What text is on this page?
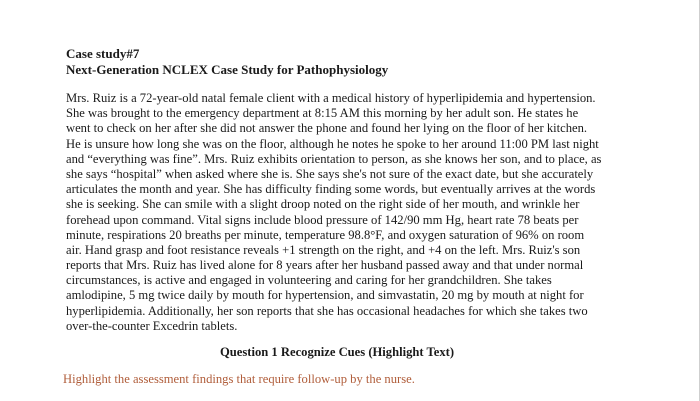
Case study#7
Next-Generation NCLEX Case Study for Pathophysiology
Mrs. Ruiz is a 72-year-old natal female client with a medical history of hyperlipidemia and hypertension.
She was brought to the emergency department at 8:15 AM this morning by her adult son. He states he
went to check on her after she did not answer the phone and found her lying on the floor of her kitchen.
He is unsure how long she was on the floor, although he notes he spoke to her around 11:00 PM last night
and “everything was fine”. Mrs. Ruiz exhibits orientation to person, as she knows her son, and to place, as
she says “hospital” when asked where she is. She says she's not sure of the exact date, but she accurately
articulates the month and year. She has difficulty finding some words, but eventually arrives at the words
she is seeking. She can smile with a slight droop noted on the right side of her mouth, and wrinkle her
forehead upon command. Vital signs include blood pressure of 142/90 mm Hg, heart rate 78 beats per
minute, respirations 20 breaths per minute, temperature 98.8°F, and oxygen saturation of 96% on room
air. Hand grasp and foot resistance reveals +1 strength on the right, and +4 on the left. Mrs. Ruiz's son
reports that Mrs. Ruiz has lived alone for 8 years after her husband passed away and that under normal
circumstances, is active and engaged in volunteering and caring for her grandchildren. She takes
amlodipine, 5 mg twice daily by mouth for hypertension, and simvastatin, 20 mg by mouth at night for
hyperlipidemia. Additionally, her son reports that she has occasional headaches for which she takes two
over-the-counter Excedrin tablets.
Question 1 Recognize Cues (Highlight Text)
Highlight the assessment findings that require follow-up by the nurse.
